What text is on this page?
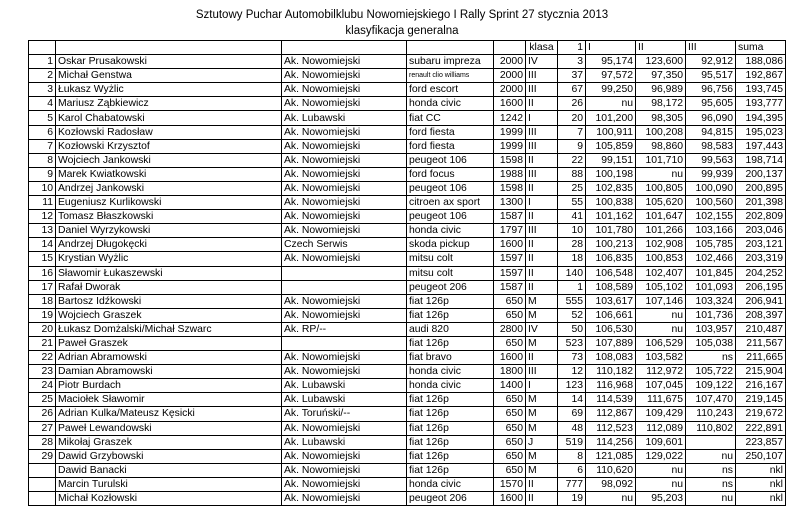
Sztutowy Puchar Automobilklubu Nowomiejskiego I Rally Sprint 27 stycznia 2013
klasyfikacja generalna
					klasa	1	I	II	III	suma
1	Oskar Prusakowski	Ak. Nowomiejski	subaru impreza	2000	IV	3	95,174	123,600	92,912	188,086
2	Michał Genstwa	Ak. Nowomiejski	renault clio williams	2000	III	37	97,572	97,350	95,517	192,867
3	Łukasz Wyżlic	Ak. Nowomiejski	ford escort	2000	III	67	99,250	96,989	96,756	193,745
4	Mariusz Ząbkiewicz	Ak. Nowomiejski	honda civic	1600	II	26	nu	98,172	95,605	193,777
5	Karol Chabatowski	Ak. Lubawski	fiat CC	1242	I	20	101,200	98,305	96,090	194,395
6	Kozłowski Radosław	Ak. Nowomiejski	ford fiesta	1999	III	7	100,911	100,208	94,815	195,023
7	Kozłowski Krzysztof	Ak. Nowomiejski	ford fiesta	1999	III	9	105,859	98,860	98,583	197,443
8	Wojciech Jankowski	Ak. Nowomiejski	peugeot 106	1598	II	22	99,151	101,710	99,563	198,714
9	Marek Kwiatkowski	Ak. Nowomiejski	ford focus	1988	III	88	100,198	nu	99,939	200,137
10	Andrzej Jankowski	Ak. Nowomiejski	peugeot 106	1598	II	25	102,835	100,805	100,090	200,895
11	Eugeniusz Kurlikowski	Ak. Nowomiejski	citroen ax sport	1300	I	55	100,838	105,620	100,560	201,398
12	Tomasz Błaszkowski	Ak. Nowomiejski	peugeot 106	1587	II	41	101,162	101,647	102,155	202,809
13	Daniel Wyrzykowski	Ak. Nowomiejski	honda civic	1797	III	10	101,780	101,266	103,166	203,046
14	Andrzej Długokęcki	Czech Serwis	skoda pickup	1600	II	28	100,213	102,908	105,785	203,121
15	Krystian Wyżlic	Ak. Nowomiejski	mitsu colt	1597	II	18	106,835	100,853	102,466	203,319
16	Sławomir Łukaszewski		mitsu colt	1597	II	140	106,548	102,407	101,845	204,252
17	Rafał Dworak		peugeot 206	1587	II	1	108,589	105,102	101,093	206,195
18	Bartosz Idźkowski	Ak. Nowomiejski	fiat 126p	650	M	555	103,617	107,146	103,324	206,941
19	Wojciech Graszek	Ak. Nowomiejski	fiat 126p	650	M	52	106,661	nu	101,736	208,397
20	Łukasz Domżalski/Michał Szwarc	Ak. RP/--	audi 820	2800	IV	50	106,530	nu	103,957	210,487
21	Paweł Graszek		fiat 126p	650	M	523	107,889	106,529	105,038	211,567
22	Adrian Abramowski	Ak. Nowomiejski	fiat bravo	1600	II	73	108,083	103,582	ns	211,665
23	Damian Abramowski	Ak. Nowomiejski	honda civic	1800	III	12	110,182	112,972	105,722	215,904
24	Piotr Burdach	Ak. Lubawski	honda civic	1400	I	123	116,968	107,045	109,122	216,167
25	Maciołek Sławomir	Ak. Lubawski	fiat 126p	650	M	14	114,539	111,675	107,470	219,145
26	Adrian Kulka/Mateusz Kęsicki	Ak. Toruński/--	fiat 126p	650	M	69	112,867	109,429	110,243	219,672
27	Paweł Lewandowski	Ak. Nowomiejski	fiat 126p	650	M	48	112,523	112,089	110,802	222,891
28	Mikołaj Graszek	Ak. Lubawski	fiat 126p	650	J	519	114,256	109,601		223,857
29	Dawid Grzybowski	Ak. Nowomiejski	fiat 126p	650	M	8	121,085	129,022	nu	250,107
	Dawid Banacki	Ak. Nowomiejski	fiat 126p	650	M	6	110,620	nu	ns	nkl
	Marcin Turulski	Ak. Nowomiejski	honda civic	1570	II	777	98,092	nu	ns	nkl
	Michał Kozłowski	Ak. Nowomiejski	peugeot 206	1600	II	19	nu	95,203	nu	nkl
